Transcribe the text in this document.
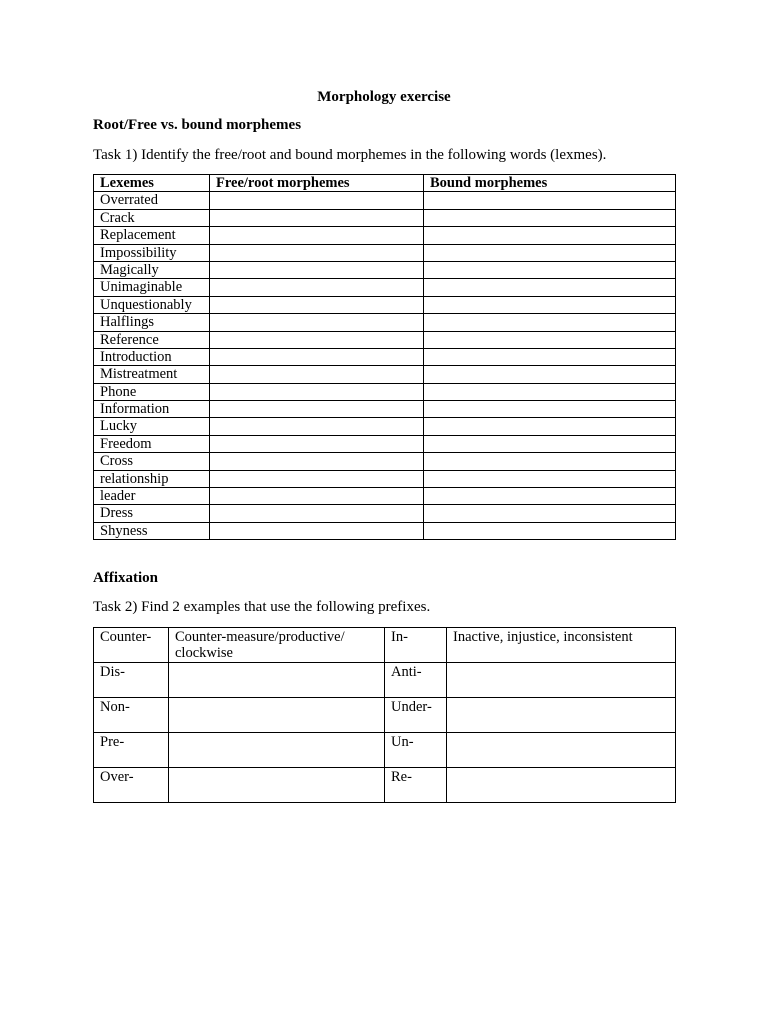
Morphology exercise
Root/Free vs. bound morphemes
Task 1) Identify the free/root and bound morphemes in the following words (lexmes).
Lexemes	Free/root morphemes	Bound morphemes
Overrated		
Crack		
Replacement		
Impossibility		
Magically		
Unimaginable		
Unquestionably		
Halflings		
Reference		
Introduction		
Mistreatment		
Phone		
Information		
Lucky		
Freedom		
Cross		
relationship		
leader		
Dress		
Shyness		
Affixation
Task 2) Find 2 examples that use the following prefixes.
Counter-	Counter-measure/productive/ clockwise	In-	Inactive, injustice, inconsistent
Dis-		Anti-	
Non-		Under-	
Pre-		Un-	
Over-		Re-	
